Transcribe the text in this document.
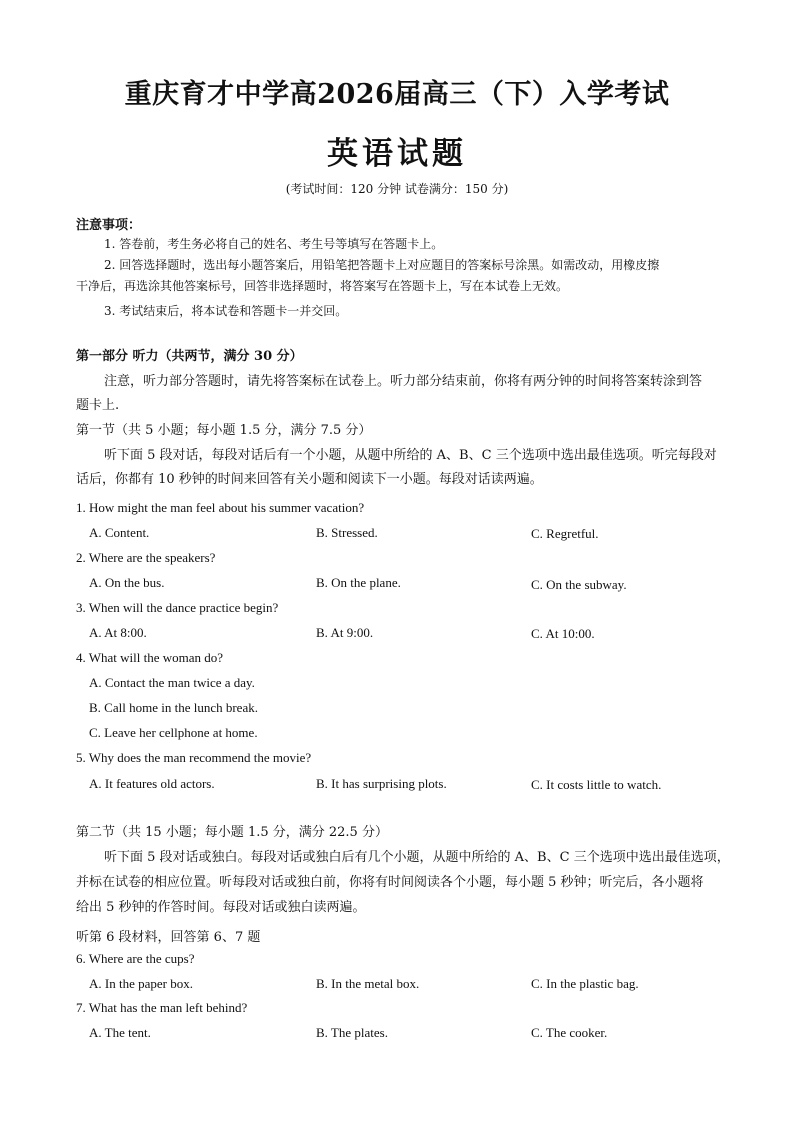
重庆育才中学高2026届高三（下）入学考试
英语试题
(考试时间：120 分钟 试卷满分：150 分)
注意事项：
1. 答卷前，考生务必将自己的姓名、考生号等填写在答题卡上。
2. 回答选择题时，选出每小题答案后，用铅笔把答题卡上对应题目的答案标号涂黑。如需改动，用橡皮擦
干净后，再选涂其他答案标号，回答非选择题时，将答案写在答题卡上，写在本试卷上无效。
3. 考试结束后，将本试卷和答题卡一并交回。
第一部分 听力（共两节，满分 30 分）
注意，听力部分答题时，请先将答案标在试卷上。听力部分结束前，你将有两分钟的时间将答案转涂到答
题卡上.
第一节（共 5 小题；每小题 1.5 分，满分 7.5 分）
听下面 5 段对话，每段对话后有一个小题，从题中所给的 A、B、C 三个选项中选出最佳选项。听完每段对
话后，你都有 10 秒钟的时间来回答有关小题和阅读下一小题。每段对话读两遍。
1. How might the man feel about his summer vacation?
A. Content.	B. Stressed.	C. Regretful.
2. Where are the speakers?
A. On the bus.	B. On the plane.	C. On the subway.
3. When will the dance practice begin?
A. At 8:00.	B. At 9:00.	C. At 10:00.
4. What will the woman do?
A. Contact the man twice a day.
B. Call home in the lunch break.
C. Leave her cellphone at home.
5. Why does the man recommend the movie?
A. It features old actors.	B. It has surprising plots.	C. It costs little to watch.
第二节（共 15 小题；每小题 1.5 分，满分 22.5 分）
听下面 5 段对话或独白。每段对话或独白后有几个小题，从题中所给的 A、B、C 三个选项中选出最佳选项，
并标在试卷的相应位置。听每段对话或独白前，你将有时间阅读各个小题，每小题 5 秒钟；听完后，各小题将
给出 5 秒钟的作答时间。每段对话或独白读两遍。
听第 6 段材料，回答第 6、7 题
6. Where are the cups?
A. In the paper box.	B. In the metal box.	C. In the plastic bag.
7. What has the man left behind?
A. The tent.	B. The plates.	C. The cooker.
